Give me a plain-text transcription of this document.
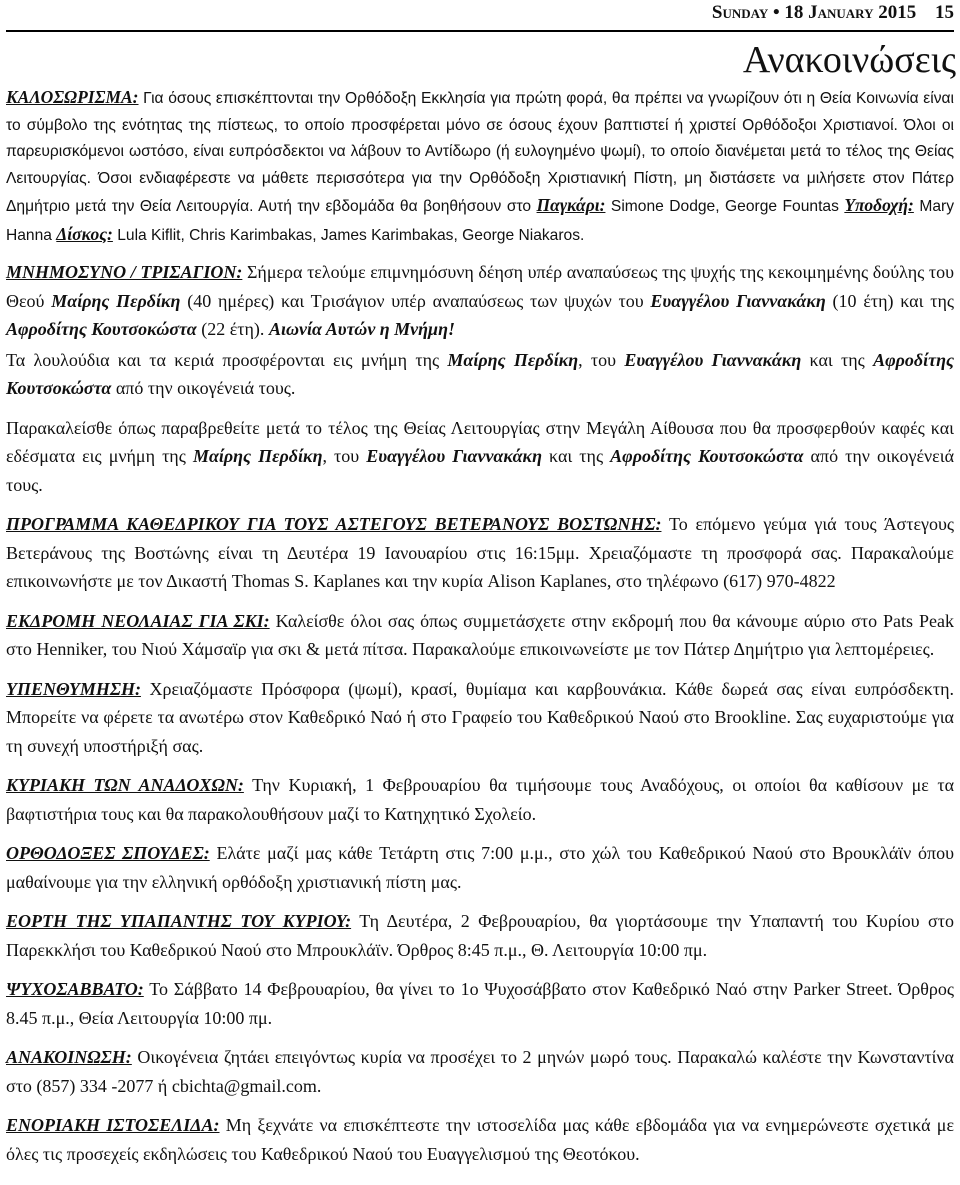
Sunday • 18 January 2015 15
Ανακοινώσεις

ΚΑΛΟΣΩΡΙΣΜΑ: Για όσους επισκέπτονται την Ορθόδοξη Εκκλησία για πρώτη φορά, θα πρέπει να γνωρίζουν ότι η Θεία Κοινωνία είναι το σύμβολο της ενότητας της πίστεως, το οποίο προσφέρεται μόνο σε όσους έχουν βαπτιστεί ή χριστεί Ορθόδοξοι Χριστιανοί. Όλοι οι παρευρισκόμενοι ωστόσο, είναι ευπρόσδεκτοι να λάβουν το Αντίδωρο (ή ευλογημένο ψωμί), το οποίο διανέμεται μετά το τέλος της Θείας Λειτουργίας. Όσοι ενδιαφέρεστε να μάθετε περισσότερα για την Ορθόδοξη Χριστιανική Πίστη, μη διστάσετε να μιλήσετε στον Πάτερ Δημήτριο μετά την Θεία Λειτουργία. Αυτή την εβδομάδα θα βοηθήσουν στο Παγκάρι: Simone Dodge, George Fountas Υποδοχή: Mary Hanna Δίσκος: Lula Kiflit, Chris Karimbakas, James Karimbakas, George Niakaros.

ΜΝΗΜΟΣΥΝΟ / ΤΡΙΣΑΓΙΟΝ: Σήμερα τελούμε επιμνημόσυνη δέηση υπέρ αναπαύσεως της ψυχής της κεκοιμημένης δούλης του Θεού Μαίρης Περδίκη (40 ημέρες) και Τρισάγιον υπέρ αναπαύσεως των ψυχών του Ευαγγέλου Γιαννακάκη (10 έτη) και της Αφροδίτης Κουτσοκώστα (22 έτη). Αιωνία Αυτών η Μνήμη!

Τα λουλούδια και τα κεριά προσφέρονται εις μνήμη της Μαίρης Περδίκη, του Ευαγγέλου Γιαννακάκη και της Αφροδίτης Κουτσοκώστα από την οικογένειά τους.

Παρακαλείσθε όπως παραβρεθείτε μετά το τέλος της Θείας Λειτουργίας στην Μεγάλη Αίθουσα που θα προσφερθούν καφές και εδέσματα εις μνήμη της Μαίρης Περδίκη, του Ευαγγέλου Γιαννακάκη και της Αφροδίτης Κουτσοκώστα από την οικογένειά τους.

ΠΡΟΓΡΑΜΜΑ ΚΑΘΕΔΡΙΚΟΥ ΓΙΑ ΤΟΥΣ ΑΣΤΕΓΟΥΣ ΒΕΤΕΡΑΝΟΥΣ ΒΟΣΤΩΝΗΣ: Το επόμενο γεύμα γιά τους Άστεγους Βετεράνους της Βοστώνης είναι τη Δευτέρα 19 Ιανουαρίου στις 16:15μμ. Χρειαζόμαστε τη προσφορά σας. Παρακαλούμε επικοινωνήστε με τον Δικαστή Thomas S. Kaplanes και την κυρία Alison Kaplanes, στο τηλέφωνο (617) 970-4822

ΕΚΔΡΟΜΗ ΝΕΟΛΑΙΑΣ ΓΙΑ ΣΚΙ: Καλείσθε όλοι σας όπως συμμετάσχετε στην εκδρομή που θα κάνουμε αύριο στο Pats Peak στο Henniker, του Νιού Χάμσαϊρ για σκι & μετά πίτσα. Παρακαλούμε επικοινωνείστε με τον Πάτερ Δημήτριο για λεπτομέρειες.

ΥΠΕΝΘΥΜΗΣΗ: Χρειαζόμαστε Πρόσφορα (ψωμί), κρασί, θυμίαμα και καρβουνάκια. Κάθε δωρεά σας είναι ευπρόσδεκτη. Μπορείτε να φέρετε τα ανωτέρω στον Καθεδρικό Ναό ή στο Γραφείο του Καθεδρικού Ναού στο Brookline. Σας ευχαριστούμε για τη συνεχή υποστήριξή σας.

ΚΥΡΙΑΚΗ ΤΩΝ ΑΝΑΔΟΧΩΝ: Την Κυριακή, 1 Φεβρουαρίου θα τιμήσουμε τους Αναδόχους, οι οποίοι θα καθίσουν με τα βαφτιστήρια τους και θα παρακολουθήσουν μαζί το Κατηχητικό Σχολείο.

ΟΡΘΟΔΟΞΕΣ ΣΠΟΥΔΕΣ: Ελάτε μαζί μας κάθε Τετάρτη στις 7:00 μ.μ., στο χώλ του Καθεδρικού Ναού στο Βρουκλάϊν όπου μαθαίνουμε για την ελληνική ορθόδοξη χριστιανική πίστη μας.

ΕΟΡΤΗ ΤΗΣ ΥΠΑΠΑΝΤΗΣ ΤΟΥ ΚΥΡΙΟΥ: Τη Δευτέρα, 2 Φεβρουαρίου, θα γιορτάσουμε την Υπαπαντή του Κυρίου στο Παρεκκλήσι του Καθεδρικού Ναού στο Μπρουκλάϊν. Όρθρος 8:45 π.μ., Θ. Λειτουργία 10:00 πμ.

ΨΥΧΟΣΑΒΒΑΤΟ: Το Σάββατο 14 Φεβρουαρίου, θα γίνει το 1ο Ψυχοσάββατο στον Καθεδρικό Ναό στην Parker Street. Όρθρος 8.45 π.μ., Θεία Λειτουργία 10:00 πμ.

ΑΝΑΚΟΙΝΩΣΗ: Οικογένεια ζητάει επειγόντως κυρία να προσέχει το 2 μηνών μωρό τους. Παρακαλώ καλέστε την Κωνσταντίνα στο (857) 334 -2077 ή cbichta@gmail.com.

ΕΝΟΡΙΑΚΗ ΙΣΤΟΣΕΛΙΔΑ: Μη ξεχνάτε να επισκέπτεστε την ιστοσελίδα μας κάθε εβδομάδα για να ενημερώνεστε σχετικά με όλες τις προσεχείς εκδηλώσεις του Καθεδρικού Ναού του Ευαγγελισμού της Θεοτόκου.
